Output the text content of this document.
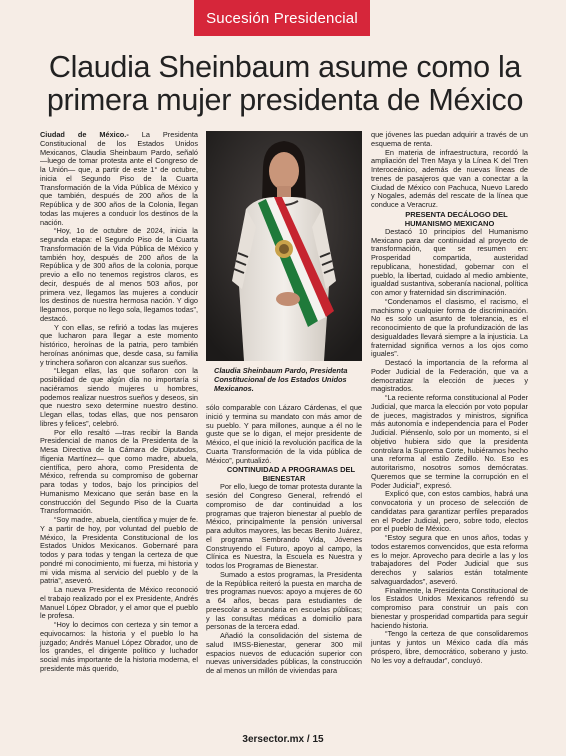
Sucesión Presidencial
Claudia Sheinbaum asume como la primera mujer presidenta de México

Ciudad de México.- La Presidenta Constitucional de los Estados Unidos Mexicanos, Claudia Sheinbaum Pardo, señaló —luego de tomar protesta ante el Congreso de la Unión— que, a partir de este 1° de octubre, inicia el Segundo Piso de la Cuarta Transformación de la Vida Pública de México y que también, después de 200 años de la República y de 300 años de la Colonia, llegan todas las mujeres a conducir los destinos de la nación.

“Hoy, 1o de octubre de 2024, inicia la segunda etapa: el Segundo Piso de la Cuarta Transformación de la Vida Pública de México y también hoy, después de 200 años de la República y de 300 años de la colonia, porque previo a ello no tenemos registros claros, es decir, después de al menos 503 años, por primera vez, llegamos las mujeres a conducir los destinos de nuestra hermosa nación. Y digo llegamos, porque no llego sola, llegamos todas”, destacó.

Y con ellas, se refirió a todas las mujeres que lucharon para llegar a este momento histórico, heroínas de la patria, pero también heroínas anónimas que, desde casa, su familia y trinchera soñaron con alcanzar sus sueños.

“Llegan ellas, las que soñaron con la posibilidad de que algún día no importaría si naciéramos siendo mujeres u hombres, podemos realizar nuestros sueños y deseos, sin que nuestro sexo determine nuestro destino. Llegan ellas, todas ellas, que nos pensaron libres y felices”, celebró.

Por ello resaltó —tras recibir la Banda Presidencial de manos de la Presidenta de la Mesa Directiva de la Cámara de Diputados, Ifigenia Martínez— que como madre, abuela, científica, pero ahora, como Presidenta de México, refrenda su compromiso de gobernar para todas y todos, bajo los principios del Humanismo Mexicano que serán base en la construcción del Segundo Piso de la Cuarta Transformación.

“Soy madre, abuela, científica y mujer de fe. Y a partir de hoy, por voluntad del pueblo de México, la Presidenta Constitucional de los Estados Unidos Mexicanos. Gobernaré para todos y para todas y tengan la certeza de que pondré mi conocimiento, mi fuerza, mi historia y mi vida misma al servicio del pueblo y de la patria”, aseveró.

La nueva Presidenta de México reconoció el trabajo realizado por el ex Presidente, Andrés Manuel López Obrador, y el amor que el pueblo le profesa.

“Hoy lo decimos con certeza y sin temor a equivocarnos: la historia y el pueblo lo ha juzgado; Andrés Manuel López Obrador, uno de los grandes, el dirigente político y luchador social más importante de la historia moderna, el presidente más querido,

Claudia Sheinbaum Pardo, Presidenta Constitucional de los Estados Unidos Mexicanos.

sólo comparable con Lázaro Cárdenas, el que inició y termina su mandato con más amor de su pueblo. Y para millones, aunque a él no le guste que se lo digan, el mejor presidente de México, el que inició la revolución pacífica de la Cuarta Transformación de la vida pública de México”, puntualizó.

CONTINUIDAD A PROGRAMAS DEL BIENESTAR

Por ello, luego de tomar protesta durante la sesión del Congreso General, refrendó el compromiso de dar continuidad a los programas que trajeron bienestar al pueblo de México, principalmente la pensión universal para adultos mayores, las becas Benito Juárez, el programa Sembrando Vida, Jóvenes Construyendo el Futuro, apoyo al campo, la Clínica es Nuestra, la Escuela es Nuestra y todos los Programas de Bienestar.

Sumado a estos programas, la Presidenta de la República reiteró la puesta en marcha de tres programas nuevos: apoyo a mujeres de 60 a 64 años, becas para estudiantes de preescolar a secundaria en escuelas públicas; y las consultas médicas a domicilio para personas de la tercera edad.

Añadió la consolidación del sistema de salud IMSS-Bienestar, generar 300 mil espacios nuevos de educación superior con nuevas universidades públicas, la construcción de al menos un millón de viviendas para

que jóvenes las puedan adquirir a través de un esquema de renta.

En materia de infraestructura, recordó la ampliación del Tren Maya y la Línea K del Tren Interoceánico, además de nuevas líneas de trenes de pasajeros que van a conectar a la Ciudad de México con Pachuca, Nuevo Laredo y Nogales, además del rescate de la línea que conduce a Veracruz.

PRESENTA DECÁLOGO DEL HUMANISMO MEXICANO

Destacó 10 principios del Humanismo Mexicano para dar continuidad al proyecto de transformación, que se resumen en: Prosperidad compartida, austeridad republicana, honestidad, gobernar con el pueblo, la libertad, cuidado al medio ambiente, igualdad sustantiva, soberanía nacional, política con amor y fraternidad sin discriminación.

“Condenamos el clasismo, el racismo, el machismo y cualquier forma de discriminación. No es solo un asunto de tolerancia, es el reconocimiento de que la profundización de las desigualdades llevará siempre a la injusticia. La fraternidad significa vernos a los ojos como iguales”.

Destacó la importancia de la reforma al Poder Judicial de la Federación, que va a democratizar la elección de jueces y magistrados.

“La reciente reforma constitucional al Poder Judicial, que marca la elección por voto popular de jueces, magistrados y ministros, significa más autonomía e independencia para el Poder Judicial. Piénsenlo, solo por un momento, si el objetivo hubiera sido que la presidenta controlara la Suprema Corte, hubiéramos hecho una reforma al estilo Zedillo. No. Eso es autoritarismo, nosotros somos demócratas. Queremos que se termine la corrupción en el Poder Judicial”, expresó.

Explicó que, con estos cambios, habrá una convocatoria y un proceso de selección de candidatas para garantizar perfiles preparados en el Poder Judicial, pero, sobre todo, electos por el pueblo de México.

“Estoy segura que en unos años, todas y todos estaremos convencidos, que esta reforma es lo mejor. Aprovecho para decirle a las y los trabajadores del Poder Judicial que sus derechos y salarios están totalmente salvaguardados”, aseveró.

Finalmente, la Presidenta Constitucional de los Estados Unidos Mexicanos refrendó su compromiso para construir un país con bienestar y prosperidad compartida para seguir haciendo historia.

“Tengo la certeza de que consolidaremos juntas y juntos un México cada día más próspero, libre, democrático, soberano y justo. No les voy a defraudar”, concluyó.

3ersector.mx / 15
